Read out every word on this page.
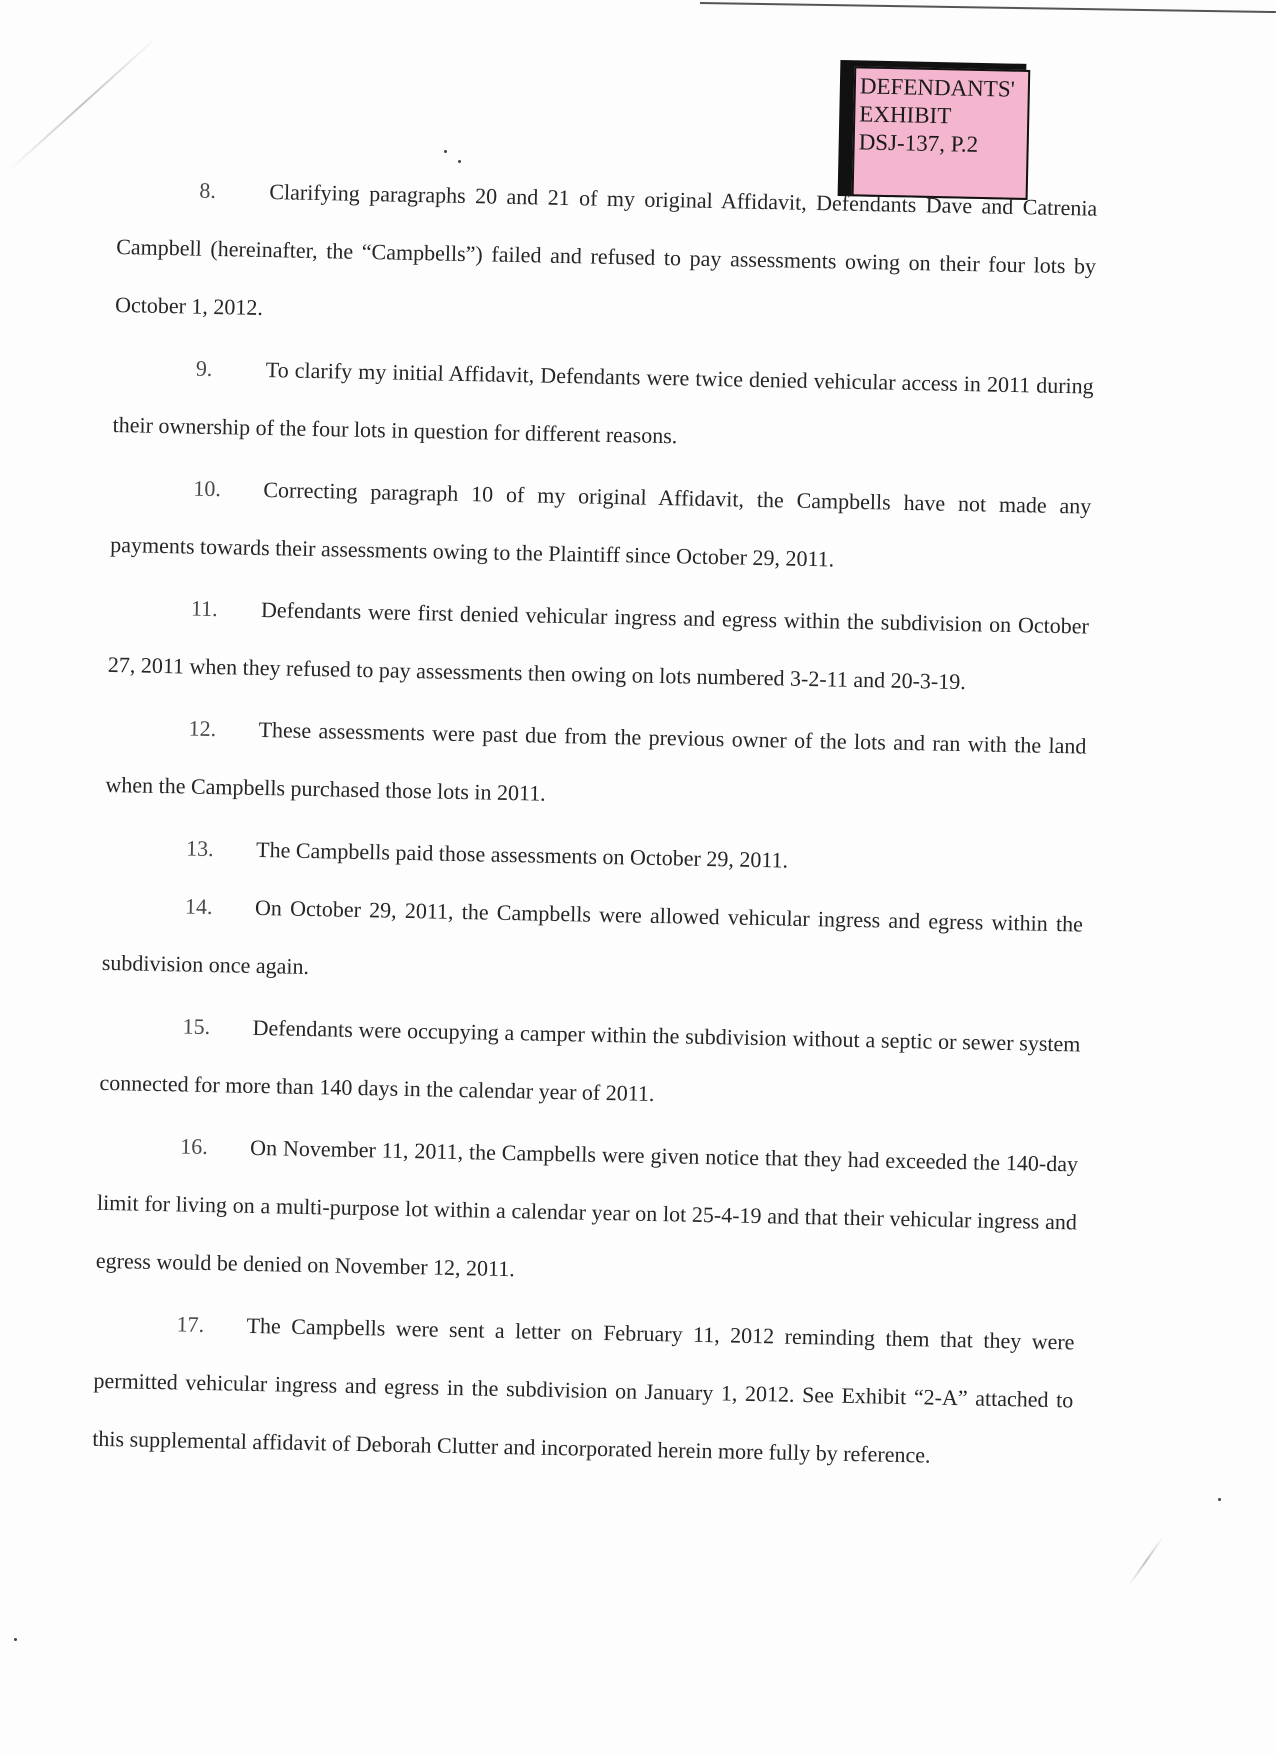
DEFENDANTS'
EXHIBIT
DSJ-137, P.2

8. Clarifying paragraphs 20 and 21 of my original Affidavit, Defendants Dave and Catrenia Campbell (hereinafter, the “Campbells”) failed and refused to pay assessments owing on their four lots by October 1, 2012.

9. To clarify my initial Affidavit, Defendants were twice denied vehicular access in 2011 during their ownership of the four lots in question for different reasons.

10. Correcting paragraph 10 of my original Affidavit, the Campbells have not made any payments towards their assessments owing to the Plaintiff since October 29, 2011.

11. Defendants were first denied vehicular ingress and egress within the subdivision on October 27, 2011 when they refused to pay assessments then owing on lots numbered 3-2-11 and 20-3-19.

12. These assessments were past due from the previous owner of the lots and ran with the land when the Campbells purchased those lots in 2011.

13. The Campbells paid those assessments on October 29, 2011.

14. On October 29, 2011, the Campbells were allowed vehicular ingress and egress within the subdivision once again.

15. Defendants were occupying a camper within the subdivision without a septic or sewer system connected for more than 140 days in the calendar year of 2011.

16. On November 11, 2011, the Campbells were given notice that they had exceeded the 140-day limit for living on a multi-purpose lot within a calendar year on lot 25-4-19 and that their vehicular ingress and egress would be denied on November 12, 2011.

17. The Campbells were sent a letter on February 11, 2012 reminding them that they were permitted vehicular ingress and egress in the subdivision on January 1, 2012. See Exhibit “2-A” attached to this supplemental affidavit of Deborah Clutter and incorporated herein more fully by reference.
